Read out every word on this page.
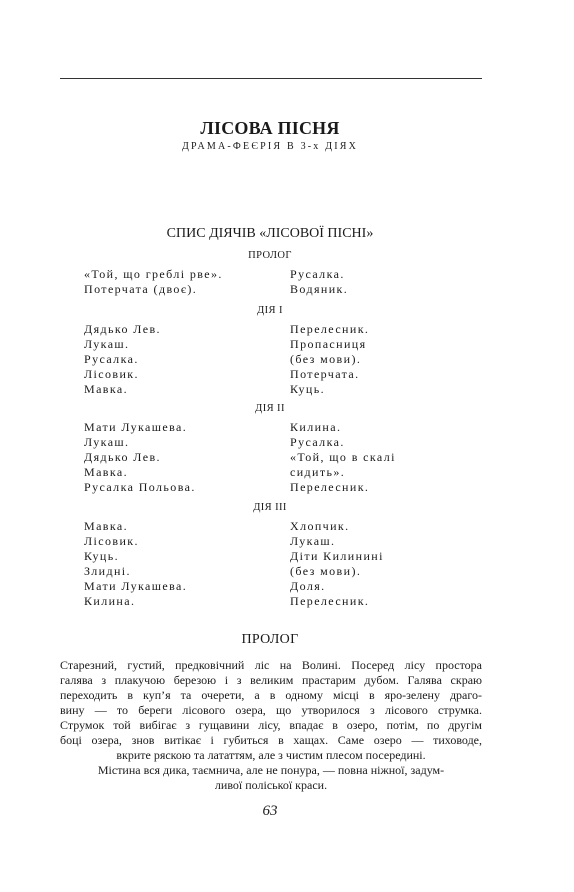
ЛІСОВА ПІСНЯ
ДРАМА-ФЕЄРІЯ В 3-х ДІЯХ
СПИС ДІЯЧІВ «ЛІСОВОЇ ПІСНІ»
ПРОЛОГ
«Той, що греблі рве».	Русалка.
Потерчата (двоє).	Водяник.
ДІЯ І
Дядько Лев.	Перелесник.
Лукаш.	Пропасниця
Русалка.	(без мови).
Лісовик.	Потерчата.
Мавка.	Куць.
ДІЯ ІІ
Мати Лукашева.	Килина.
Лукаш.	Русалка.
Дядько Лев.	«Той, що в скалі
Мавка.	сидить».
Русалка Польова.	Перелесник.
ДІЯ ІІІ
Мавка.	Хлопчик.
Лісовик.	Лукаш.
Куць.	Діти Килинині
Злидні.	(без мови).
Мати Лукашева.	Доля.
Килина.	Перелесник.
ПРОЛОГ
Старезний, густий, предковічний ліс на Волині. Посеред лісу простора
галява з плакучою березою і з великим прастарим дубом. Галява скраю
переходить в куп’я та очерети, а в одному місці в яро-зелену драго-
вину — то береги лісового озера, що утворилося з лісового струмка.
Струмок той вибігає з гущавини лісу, впадає в озеро, потім, по другім
боці озера, знов витікає і губиться в хащах. Саме озеро — тиховоде,
вкрите ряскою та лататтям, але з чистим плесом посередині.
Містина вся дика, таємнича, але не понура, — повна ніжної, задум-
ливої поліської краси.
63
